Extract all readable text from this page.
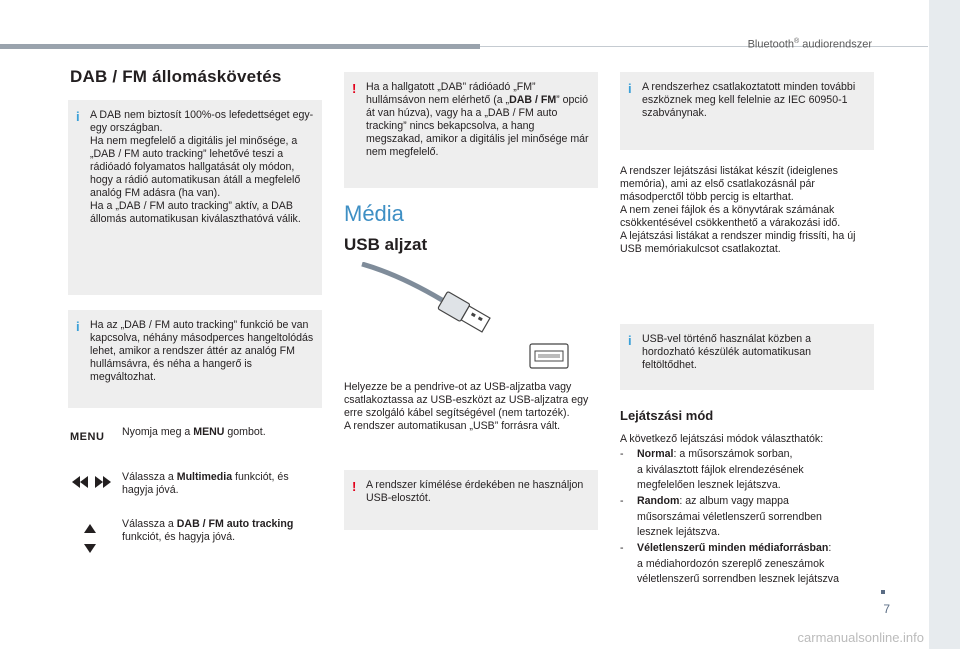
Bluetooth® audiorendszer
7
DAB / FM állomáskövetés
i A DAB nem biztosít 100%-os lefedettséget egy-egy országban.
Ha nem megfelelő a digitális jel minősége, a „DAB / FM auto tracking” lehetővé teszi a rádióadó folyamatos hallgatását oly módon, hogy a rádió automatikusan átáll a megfelelő analóg FM adásra (ha van).
Ha a „DAB / FM auto tracking” aktív, a DAB állomás automatikusan kiválaszthatóvá válik.
i Ha az „DAB / FM auto tracking” funkció be van kapcsolva, néhány másodperces hangeltolódás lehet, amikor a rendszer áttér az analóg FM hullámsávra, és néha a hangerő is megváltozhat.
MENU Nyomja meg a MENU gombot.
Válassza a Multimedia funkciót, és hagyja jóvá.
Válassza a DAB / FM auto tracking funkciót, és hagyja jóvá.
! Ha a hallgatott „DAB” rádióadó „FM” hullámsávon nem elérhető (a „DAB / FM” opció át van húzva), vagy ha a „DAB / FM auto tracking” nincs bekapcsolva, a hang megszakad, amikor a digitális jel minősége már nem megfelelő.
Média
USB aljzat
Helyezze be a pendrive-ot az USB-aljzatba vagy csatlakoztassa az USB-eszközt az USB-aljzatra egy erre szolgáló kábel segítségével (nem tartozék).
A rendszer automatikusan „USB” forrásra vált.
! A rendszer kímélése érdekében ne használjon USB-elosztót.
i A rendszerhez csatlakoztatott minden további eszköznek meg kell felelnie az IEC 60950-1 szabványnak.
A rendszer lejátszási listákat készít (ideiglenes memória), ami az első csatlakozásnál pár másodperctől több percig is eltarthat.
A nem zenei fájlok és a könyvtárak számának csökkentésével csökkenthető a várakozási idő.
A lejátszási listákat a rendszer mindig frissíti, ha új USB memóriakulcsot csatlakoztat.
i USB-vel történő használat közben a hordozható készülék automatikusan feltöltődhet.
Lejátszási mód
A következő lejátszási módok választhatók:
- Normal: a műsorszámok sorban,
a kiválasztott fájlok elrendezésének
megfelelően lesznek lejátszva.
- Random: az album vagy mappa
műsorszámai véletlenszerű sorrendben
lesznek lejátszva.
- Véletlenszerű minden médiaforrásban:
a médiahordozón szereplő zeneszámok
véletlenszerű sorrendben lesznek lejátszva
carmanualsonline.info
